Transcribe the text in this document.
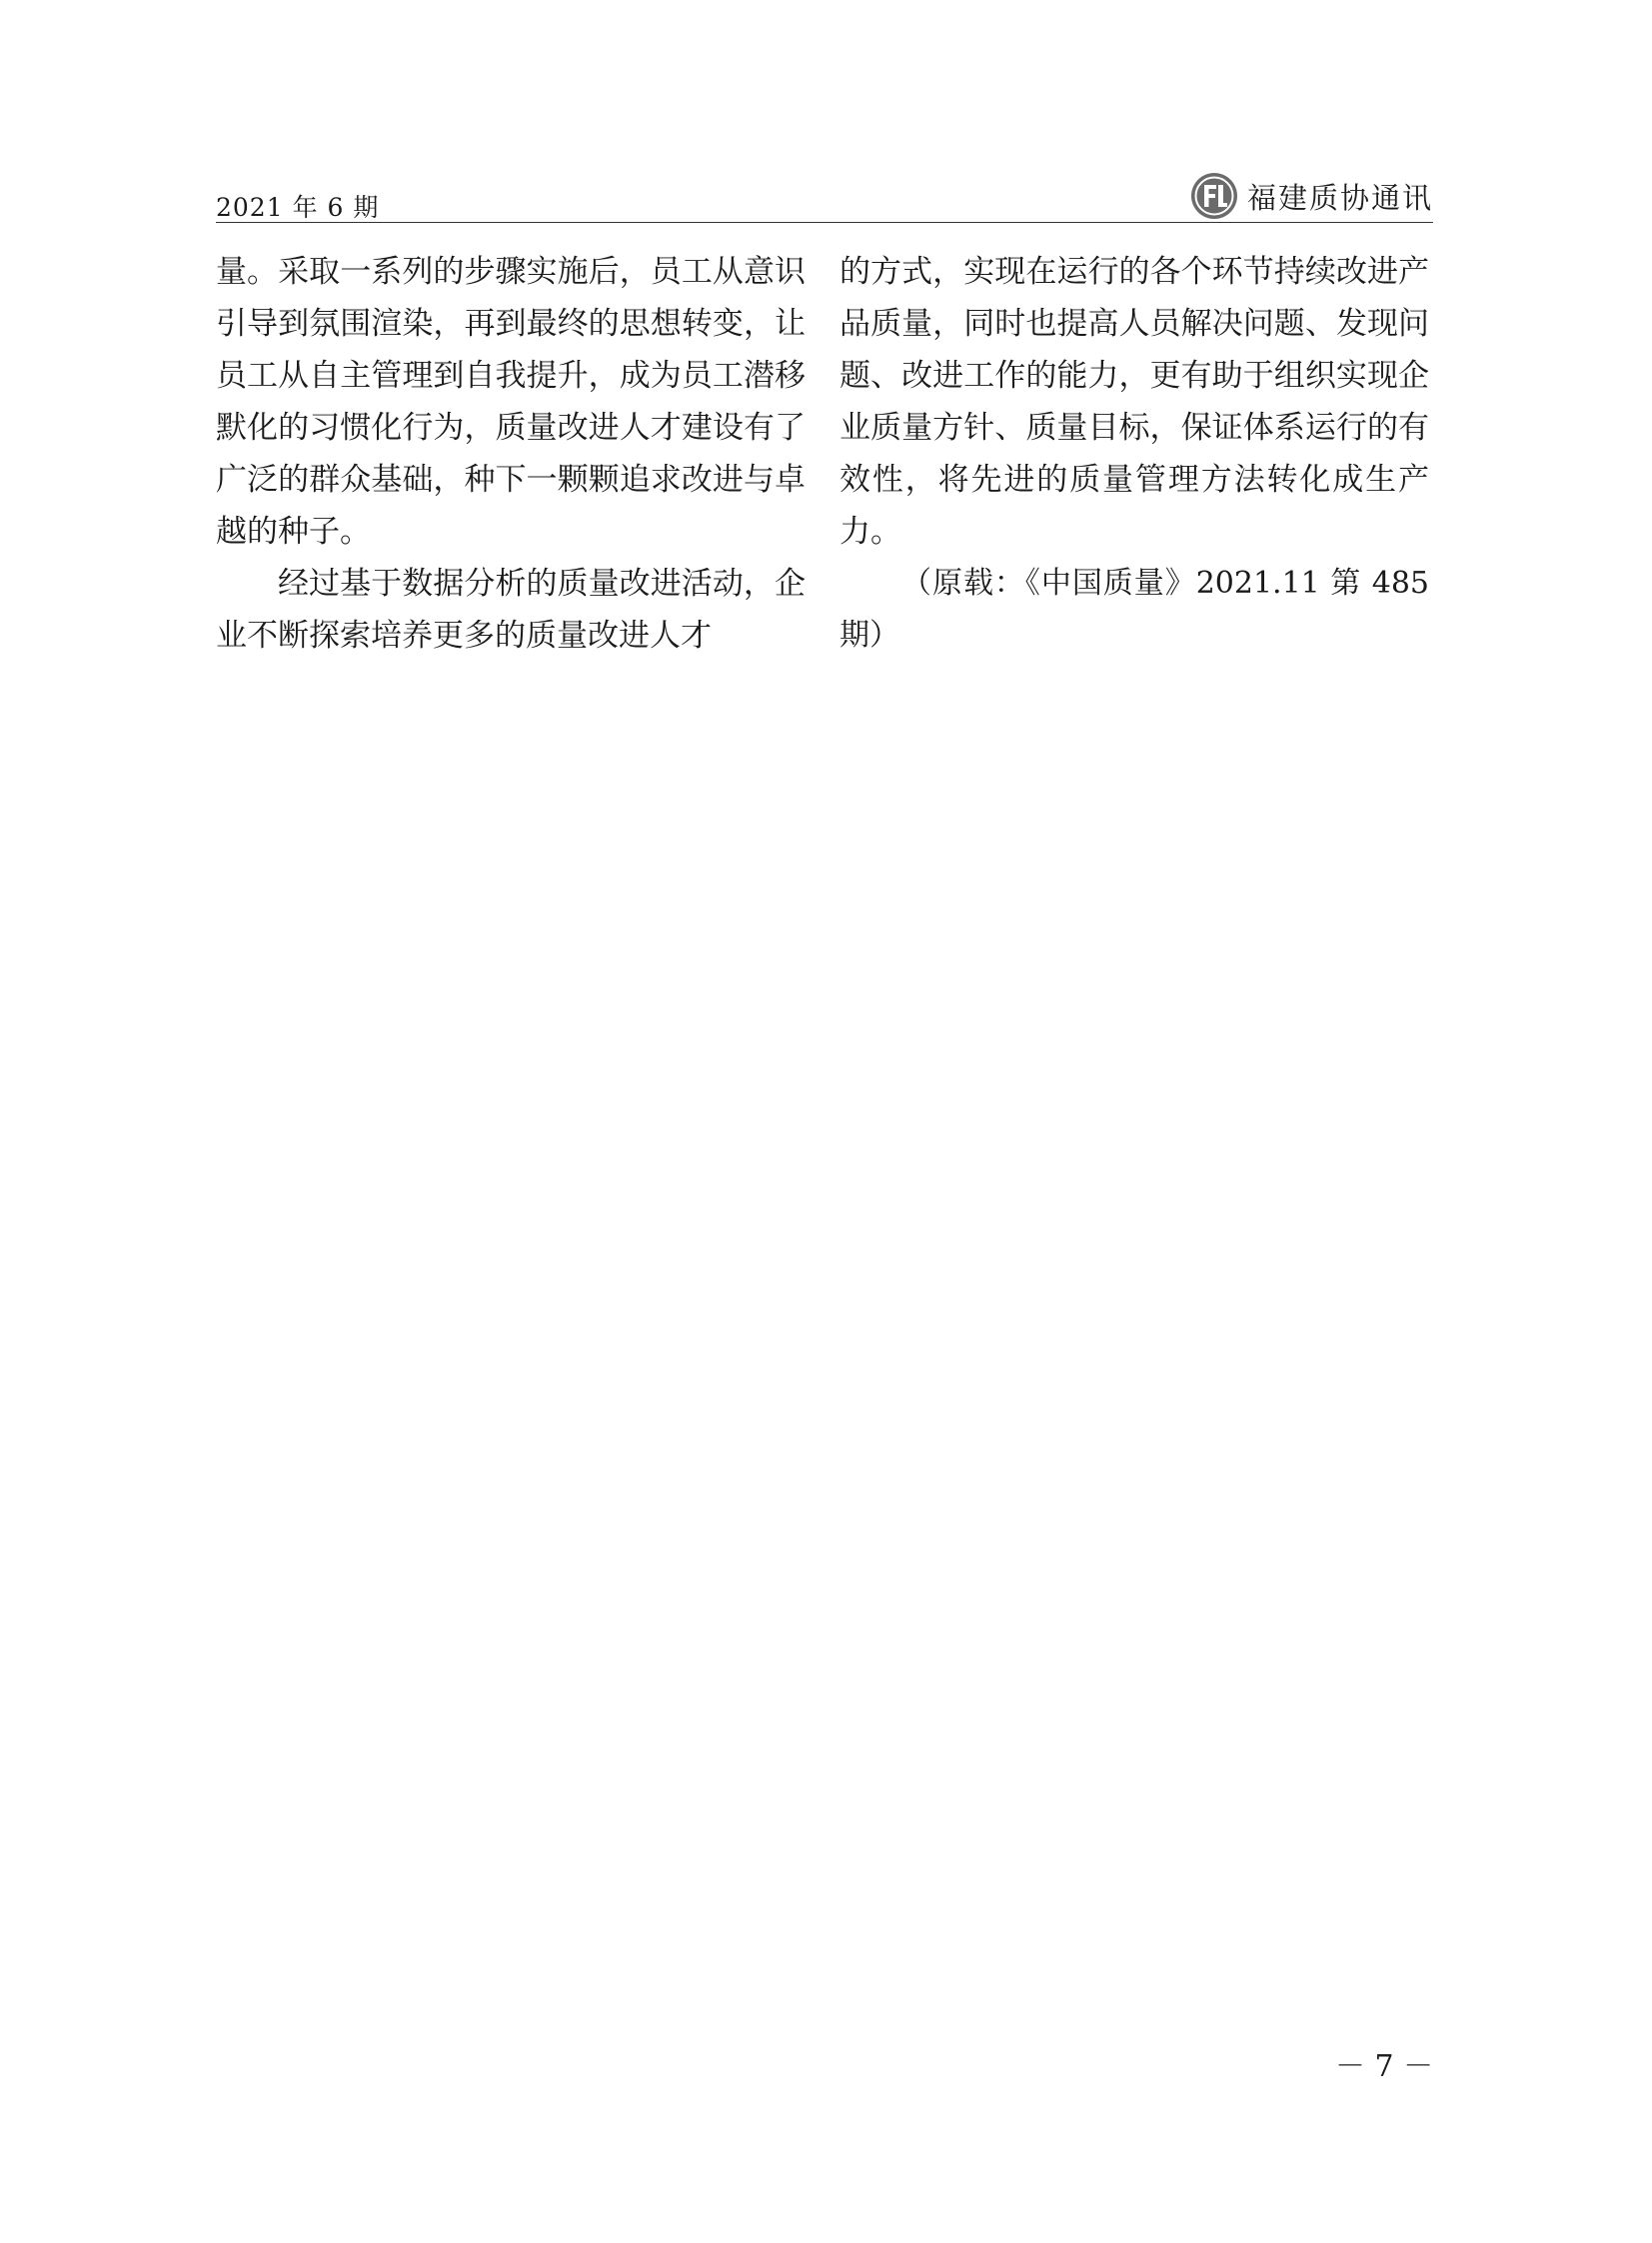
2021 年 6 期	福建质协通讯

量。采取一系列的步骤实施后，员工从意识引导到氛围渲染，再到最终的思想转变，让员工从自主管理到自我提升，成为员工潜移默化的习惯化行为，质量改进人才建设有了广泛的群众基础，种下一颗颗追求改进与卓越的种子。

经过基于数据分析的质量改进活动，企业不断探索培养更多的质量改进人才

的方式，实现在运行的各个环节持续改进产品质量，同时也提高人员解决问题、发现问题、改进工作的能力，更有助于组织实现企业质量方针、质量目标，保证体系运行的有效性，将先进的质量管理方法转化成生产力。

（原载：《中国质量》2021.11 第 485 期）

－ 7 －
